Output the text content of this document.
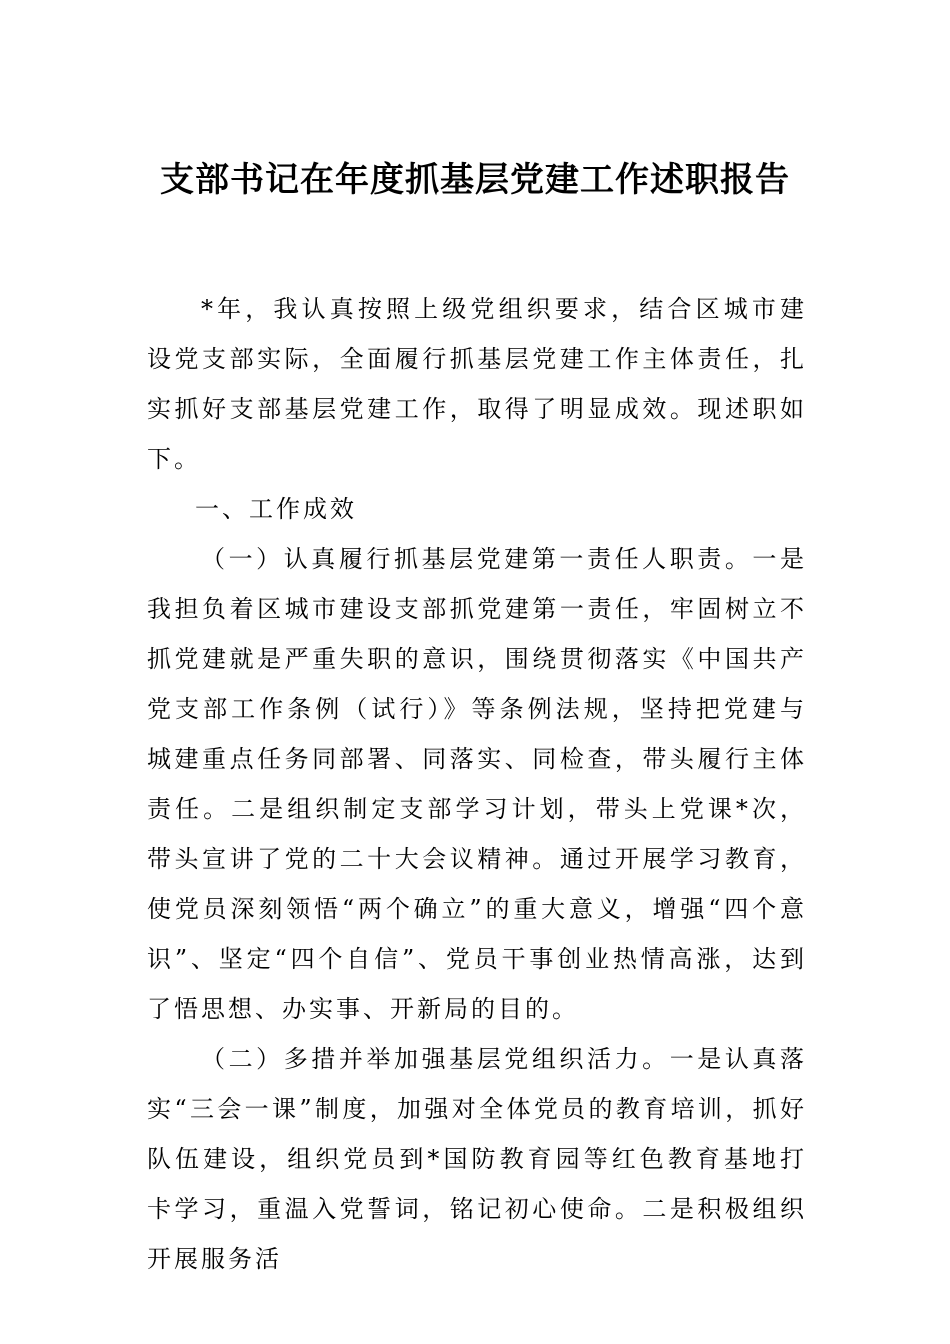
支部书记在年度抓基层党建工作述职报告

*年，我认真按照上级党组织要求，结合区城市建设党支部实际，全面履行抓基层党建工作主体责任，扎实抓好支部基层党建工作，取得了明显成效。现述职如下。

一、工作成效

（一）认真履行抓基层党建第一责任人职责。一是我担负着区城市建设支部抓党建第一责任，牢固树立不抓党建就是严重失职的意识，围绕贯彻落实《中国共产党支部工作条例（试行）》等条例法规，坚持把党建与城建重点任务同部署、同落实、同检查，带头履行主体责任。二是组织制定支部学习计划，带头上党课*次，带头宣讲了党的二十大会议精神。通过开展学习教育，使党员深刻领悟“两个确立”的重大意义，增强“四个意识”、坚定“四个自信”、党员干事创业热情高涨，达到了悟思想、办实事、开新局的目的。

（二）多措并举加强基层党组织活力。一是认真落实“三会一课”制度，加强对全体党员的教育培训，抓好队伍建设，组织党员到*国防教育园等红色教育基地打卡学习，重温入党誓词，铭记初心使命。二是积极组织开展服务活
